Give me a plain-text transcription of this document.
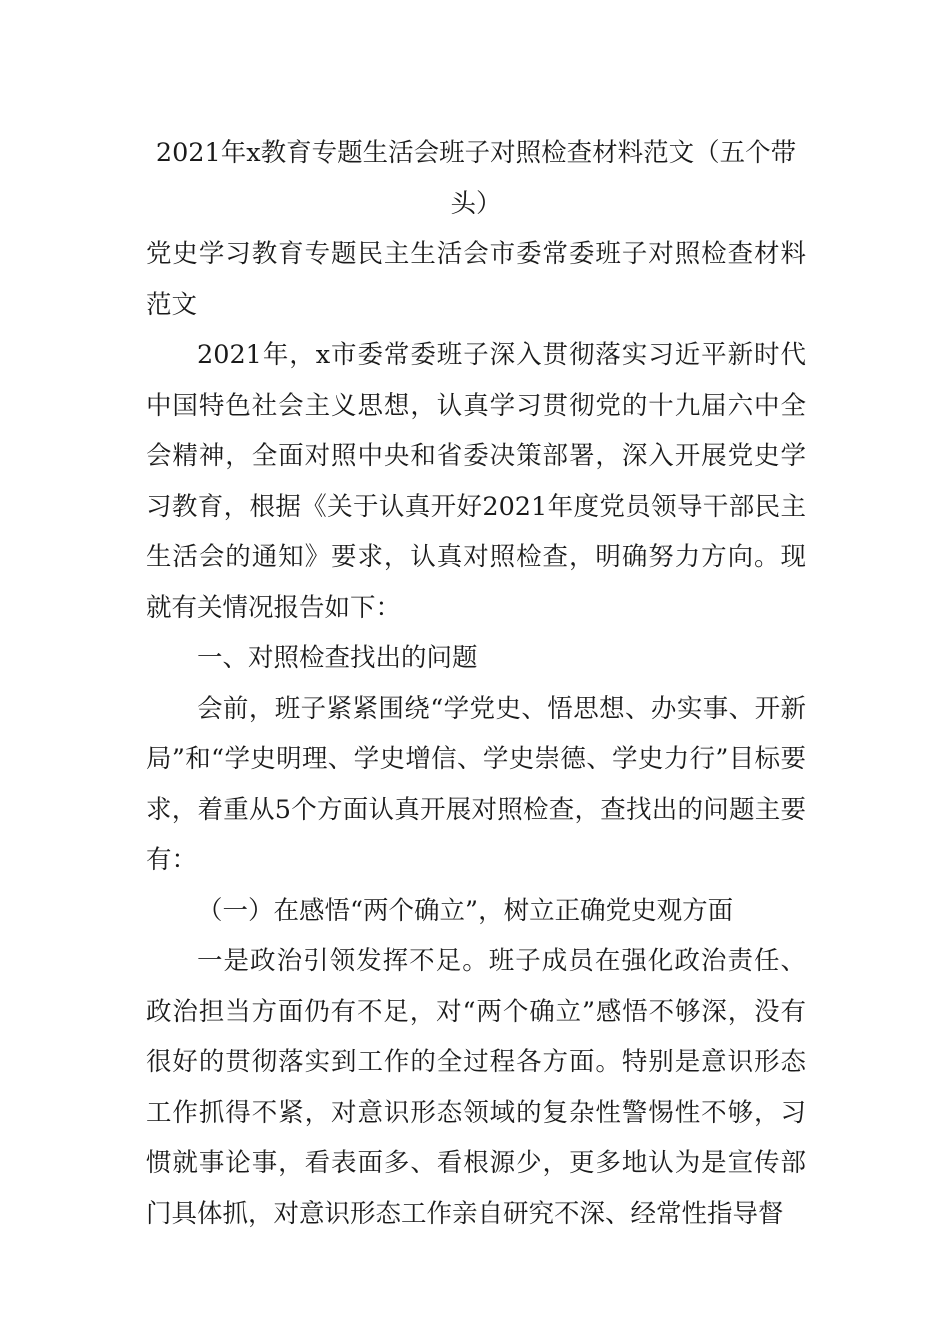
2021年x教育专题生活会班子对照检查材料范文（五个带头）

党史学习教育专题民主生活会市委常委班子对照检查材料范文

2021年，x市委常委班子深入贯彻落实习近平新时代中国特色社会主义思想，认真学习贯彻党的十九届六中全会精神，全面对照中央和省委决策部署，深入开展党史学习教育，根据《关于认真开好2021年度党员领导干部民主生活会的通知》要求，认真对照检查，明确努力方向。现就有关情况报告如下：

一、对照检查找出的问题

会前，班子紧紧围绕“学党史、悟思想、办实事、开新局”和“学史明理、学史增信、学史崇德、学史力行”目标要求，着重从5个方面认真开展对照检查，查找出的问题主要有：

（一）在感悟“两个确立”，树立正确党史观方面

一是政治引领发挥不足。班子成员在强化政治责任、政治担当方面仍有不足，对“两个确立”感悟不够深，没有很好的贯彻落实到工作的全过程各方面。特别是意识形态工作抓得不紧，对意识形态领域的复杂性警惕性不够，习惯就事论事，看表面多、看根源少，更多地认为是宣传部门具体抓，对意识形态工作亲自研究不深、经常性指导督
